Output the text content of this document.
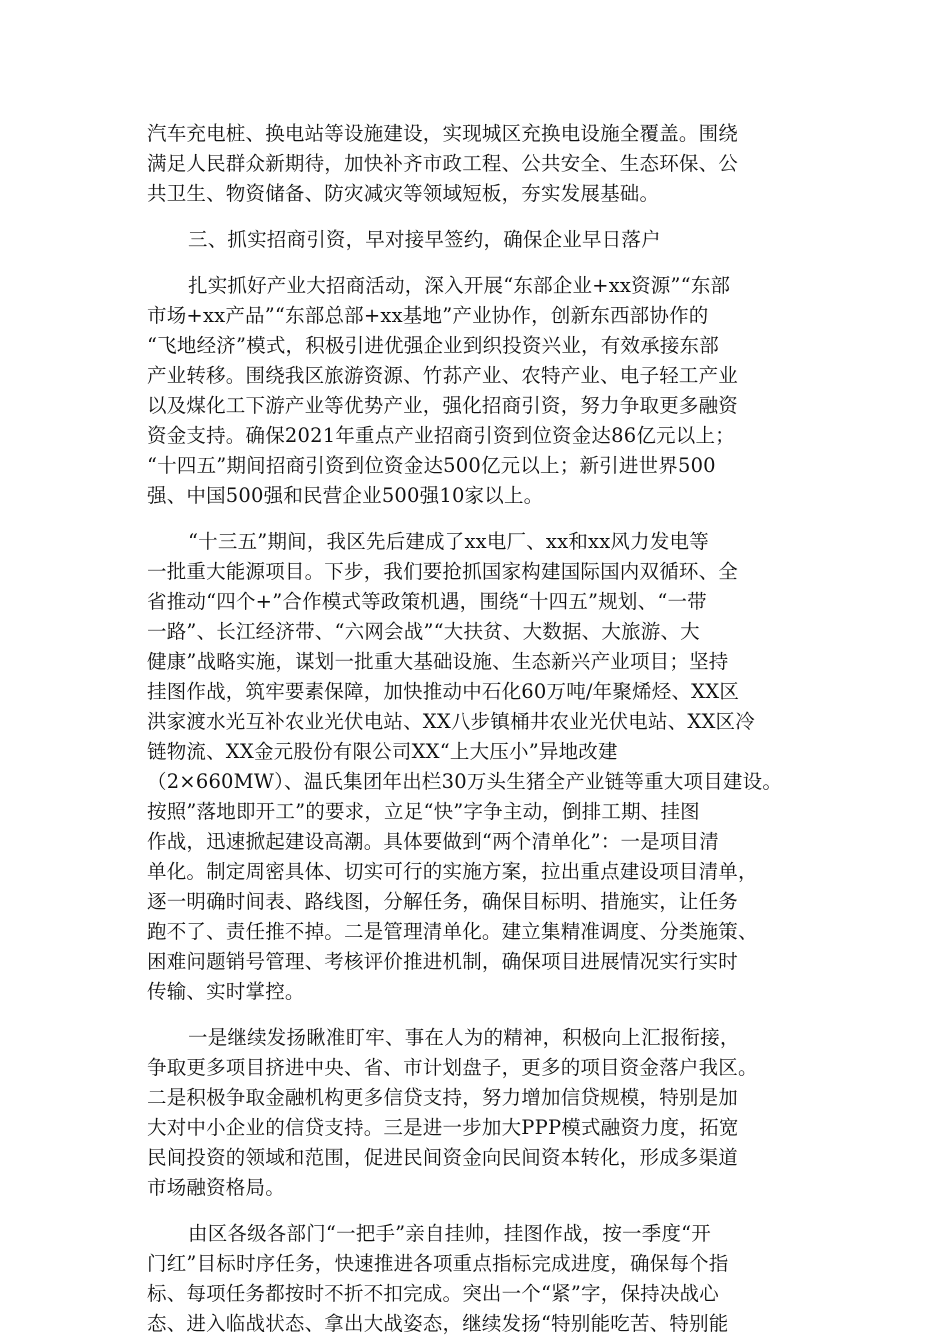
汽车充电桩、换电站等设施建设，实现城区充换电设施全覆盖。围绕
满足人民群众新期待，加快补齐市政工程、公共安全、生态环保、公
共卫生、物资储备、防灾减灾等领域短板，夯实发展基础。
三、抓实招商引资，早对接早签约，确保企业早日落户
扎实抓好产业大招商活动，深入开展“东部企业+xx资源”“东部
市场+xx产品”“东部总部+xx基地”产业协作，创新东西部协作的
“飞地经济”模式，积极引进优强企业到织投资兴业，有效承接东部
产业转移。围绕我区旅游资源、竹荪产业、农特产业、电子轻工产业
以及煤化工下游产业等优势产业，强化招商引资，努力争取更多融资
资金支持。确保2021年重点产业招商引资到位资金达86亿元以上；
“十四五”期间招商引资到位资金达500亿元以上；新引进世界500
强、中国500强和民营企业500强10家以上。
“十三五”期间，我区先后建成了xx电厂、xx和xx风力发电等
一批重大能源项目。下步，我们要抢抓国家构建国际国内双循环、全
省推动“四个+”合作模式等政策机遇，围绕“十四五”规划、“一带
一路”、长江经济带、“六网会战”“大扶贫、大数据、大旅游、大
健康”战略实施，谋划一批重大基础设施、生态新兴产业项目；坚持
挂图作战，筑牢要素保障，加快推动中石化60万吨/年聚烯烃、XX区
洪家渡水光互补农业光伏电站、XX八步镇桶井农业光伏电站、XX区冷
链物流、XX金元股份有限公司XX“上大压小”异地改建
（2×660MW）、温氏集团年出栏30万头生猪全产业链等重大项目建设。
按照”落地即开工”的要求，立足“快”字争主动，倒排工期、挂图
作战，迅速掀起建设高潮。具体要做到“两个清单化”：一是项目清
单化。制定周密具体、切实可行的实施方案，拉出重点建设项目清单，
逐一明确时间表、路线图，分解任务，确保目标明、措施实，让任务
跑不了、责任推不掉。二是管理清单化。建立集精准调度、分类施策、
困难问题销号管理、考核评价推进机制，确保项目进展情况实行实时
传输、实时掌控。
一是继续发扬瞅准盯牢、事在人为的精神，积极向上汇报衔接，
争取更多项目挤进中央、省、市计划盘子，更多的项目资金落户我区。
二是积极争取金融机构更多信贷支持，努力增加信贷规模，特别是加
大对中小企业的信贷支持。三是进一步加大PPP模式融资力度，拓宽
民间投资的领域和范围，促进民间资金向民间资本转化，形成多渠道
市场融资格局。
由区各级各部门“一把手”亲自挂帅，挂图作战，按一季度“开
门红”目标时序任务，快速推进各项重点指标完成进度，确保每个指
标、每项任务都按时不折不扣完成。突出一个“紧”字，保持决战心
态、进入临战状态、拿出大战姿态，继续发扬“特别能吃苦、特别能
